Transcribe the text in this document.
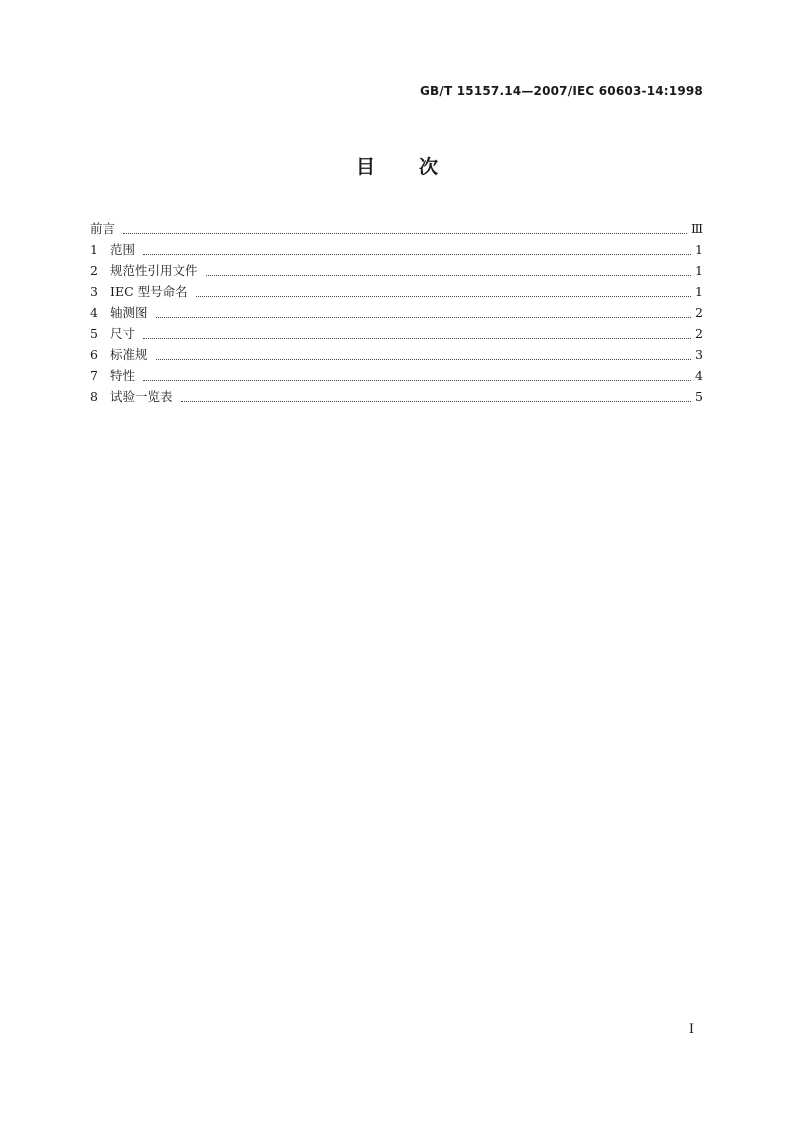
GB/T 15157.14—2007/IEC 60603-14:1998
目次
前言	Ⅲ
1 范围	1
2 规范性引用文件	1
3 IEC 型号命名	1
4 轴测图	2
5 尺寸	2
6 标准规	3
7 特性	4
8 试验一览表	5
I
